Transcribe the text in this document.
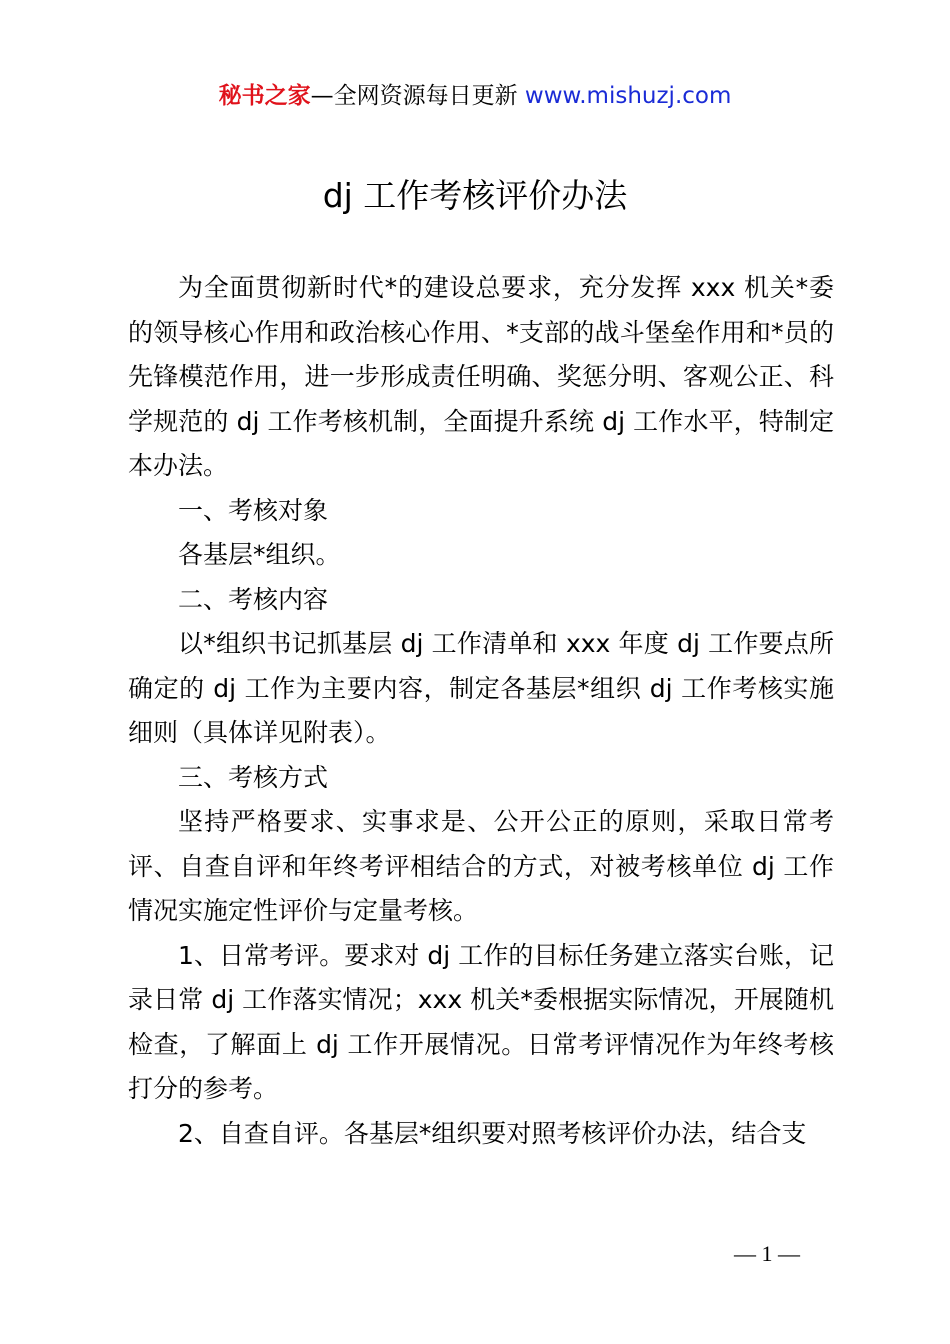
秘书之家—全网资源每日更新 www.mishuzj.com
dj 工作考核评价办法

为全面贯彻新时代*的建设总要求，充分发挥 xxx 机关*委的领导核心作用和政治核心作用、*支部的战斗堡垒作用和*员的先锋模范作用，进一步形成责任明确、奖惩分明、客观公正、科学规范的 dj 工作考核机制，全面提升系统 dj 工作水平，特制定本办法。

一、考核对象

各基层*组织。

二、考核内容

以*组织书记抓基层 dj 工作清单和 xxx 年度 dj 工作要点所确定的 dj 工作为主要内容，制定各基层*组织 dj 工作考核实施细则（具体详见附表）。

三、考核方式

坚持严格要求、实事求是、公开公正的原则，采取日常考评、自查自评和年终考评相结合的方式，对被考核单位 dj 工作情况实施定性评价与定量考核。

1、日常考评。要求对 dj 工作的目标任务建立落实台账，记录日常 dj 工作落实情况；xxx 机关*委根据实际情况，开展随机检查，了解面上 dj 工作开展情况。日常考评情况作为年终考核打分的参考。

2、自查自评。各基层*组织要对照考核评价办法，结合支

— 1 —
